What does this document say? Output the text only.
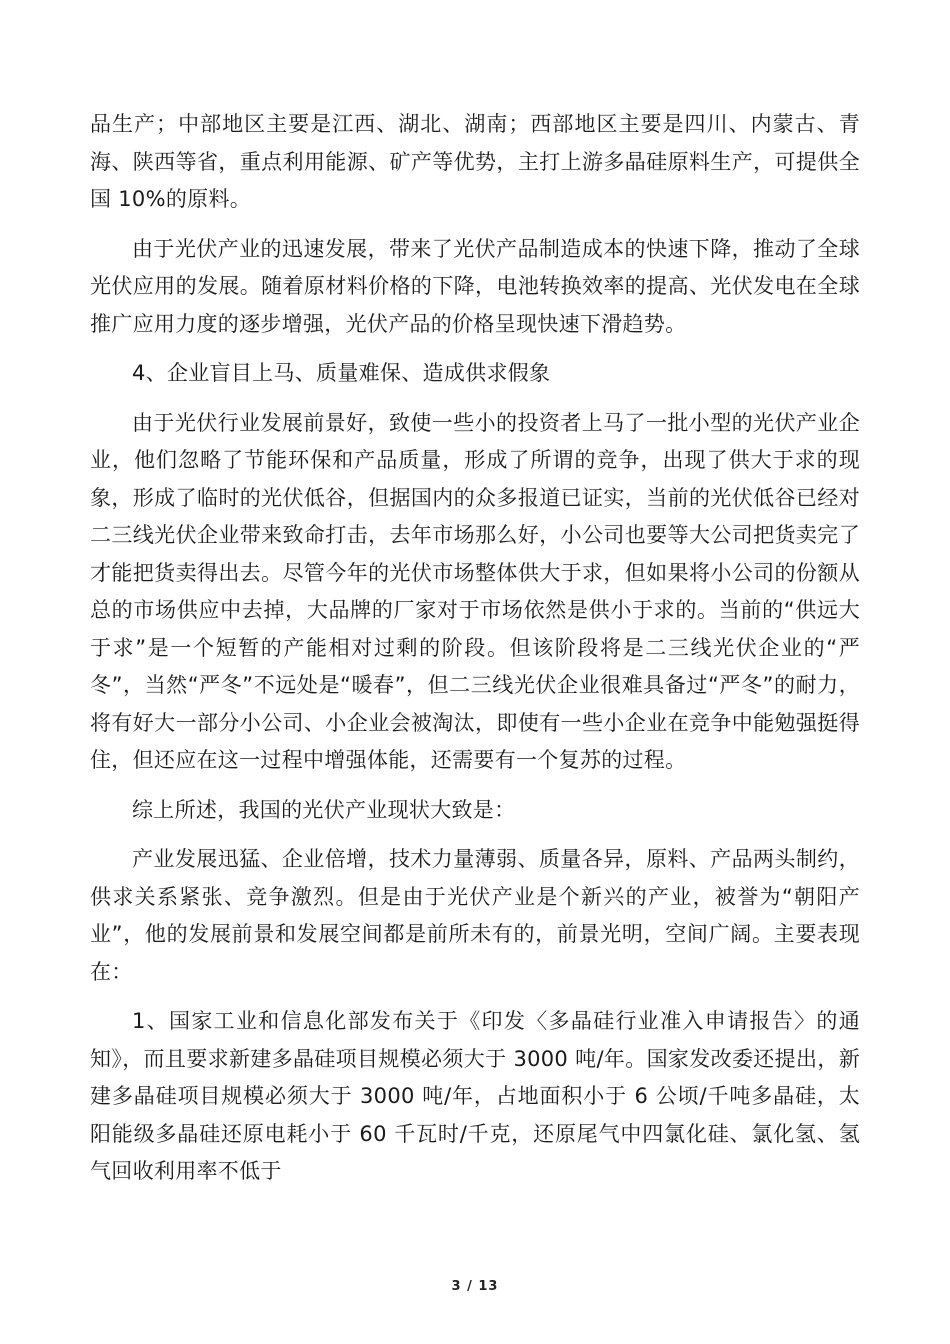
品生产；中部地区主要是江西、湖北、湖南；西部地区主要是四川、内蒙古、青海、陕西等省，重点利用能源、矿产等优势，主打上游多晶硅原料生产，可提供全国 10%的原料。

由于光伏产业的迅速发展，带来了光伏产品制造成本的快速下降，推动了全球光伏应用的发展。随着原材料价格的下降，电池转换效率的提高、光伏发电在全球推广应用力度的逐步增强，光伏产品的价格呈现快速下滑趋势。

4、企业盲目上马、质量难保、造成供求假象

由于光伏行业发展前景好，致使一些小的投资者上马了一批小型的光伏产业企业，他们忽略了节能环保和产品质量，形成了所谓的竞争，出现了供大于求的现象，形成了临时的光伏低谷，但据国内的众多报道已证实，当前的光伏低谷已经对二三线光伏企业带来致命打击，去年市场那么好，小公司也要等大公司把货卖完了才能把货卖得出去。尽管今年的光伏市场整体供大于求，但如果将小公司的份额从总的市场供应中去掉，大品牌的厂家对于市场依然是供小于求的。当前的“供远大于求”是一个短暂的产能相对过剩的阶段。但该阶段将是二三线光伏企业的“严冬”，当然“严冬”不远处是“暖春”，但二三线光伏企业很难具备过“严冬”的耐力，将有好大一部分小公司、小企业会被淘汰，即使有一些小企业在竞争中能勉强挺得住，但还应在这一过程中增强体能，还需要有一个复苏的过程。

综上所述，我国的光伏产业现状大致是：

产业发展迅猛、企业倍增，技术力量薄弱、质量各异，原料、产品两头制约，供求关系紧张、竞争激烈。但是由于光伏产业是个新兴的产业，被誉为“朝阳产业”，他的发展前景和发展空间都是前所未有的，前景光明，空间广阔。主要表现在：

1、国家工业和信息化部发布关于《印发〈多晶硅行业准入申请报告〉的通知》，而且要求新建多晶硅项目规模必须大于 3000 吨/年。国家发改委还提出，新建多晶硅项目规模必须大于 3000 吨/年，占地面积小于 6 公顷/千吨多晶硅，太阳能级多晶硅还原电耗小于 60 千瓦时/千克，还原尾气中四氯化硅、氯化氢、氢气回收利用率不低于

3 / 13
